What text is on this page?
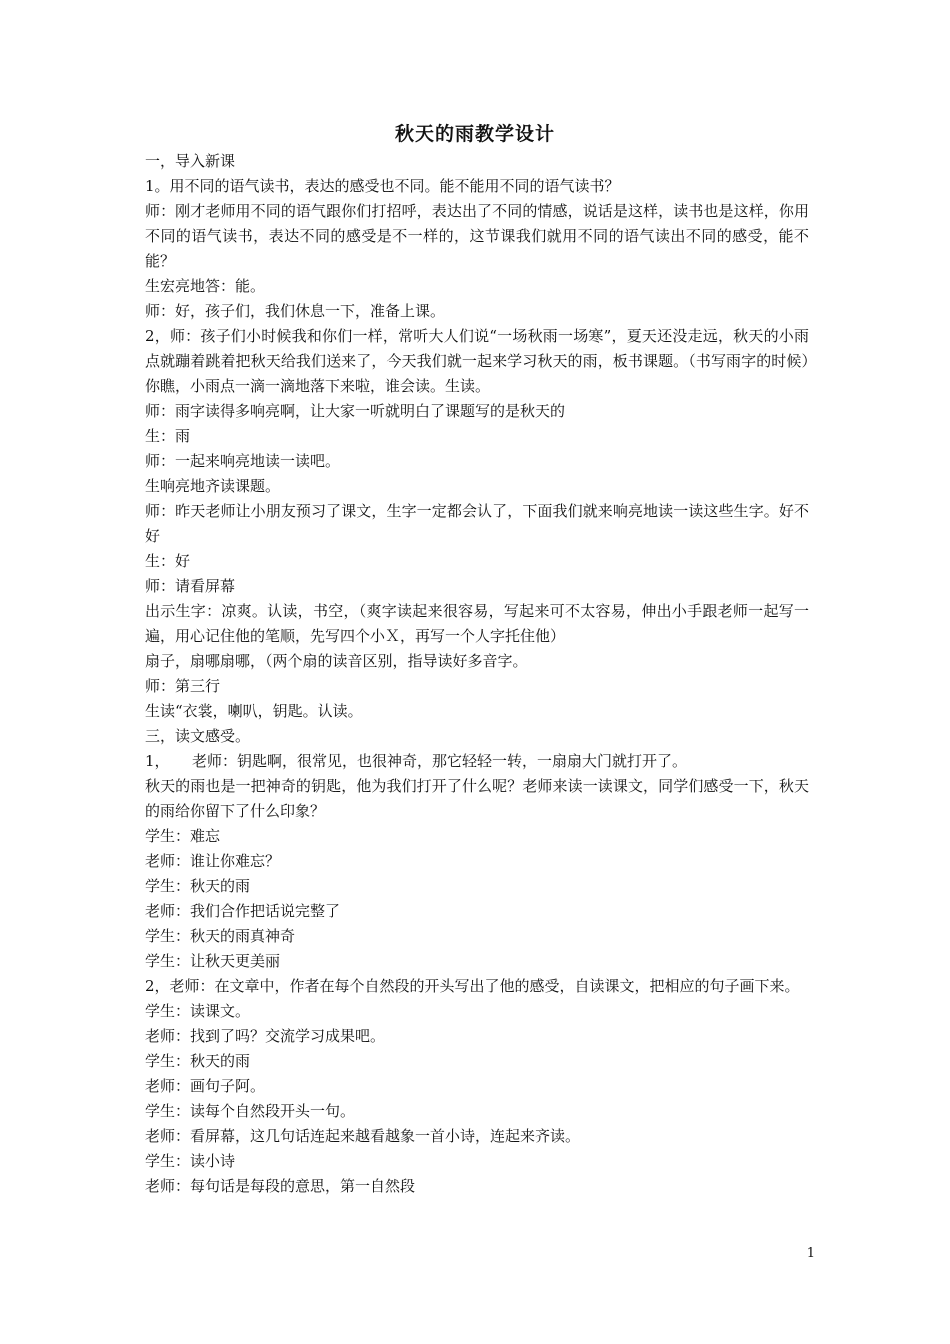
秋天的雨教学设计

一，导入新课

1。用不同的语气读书，表达的感受也不同。能不能用不同的语气读书？

师：刚才老师用不同的语气跟你们打招呼，表达出了不同的情感，说话是这样，读书也是这样，你用不同的语气读书，表达不同的感受是不一样的，这节课我们就用不同的语气读出不同的感受，能不能？

生宏亮地答：能。

师：好，孩子们，我们休息一下，准备上课。

2，师：孩子们小时候我和你们一样，常听大人们说“一场秋雨一场寒”，夏天还没走远，秋天的小雨点就蹦着跳着把秋天给我们送来了，今天我们就一起来学习秋天的雨，板书课题。（书写雨字的时候）你瞧，小雨点一滴一滴地落下来啦，谁会读。生读。

师：雨字读得多响亮啊，让大家一听就明白了课题写的是秋天的

生：雨

师：一起来响亮地读一读吧。

生响亮地齐读课题。

师：昨天老师让小朋友预习了课文，生字一定都会认了，下面我们就来响亮地读一读这些生字。好不好

生：好

师：请看屏幕

出示生字：凉爽。认读，书空，（爽字读起来很容易，写起来可不太容易，伸出小手跟老师一起写一遍，用心记住他的笔顺，先写四个小Ｘ，再写一个人字托住他）

扇子，扇哪扇哪，（两个扇的读音区别，指导读好多音字。

师：第三行

生读“衣裳，喇叭，钥匙。认读。

三，读文感受。

1，　　老师：钥匙啊，很常见，也很神奇，那它轻轻一转，一扇扇大门就打开了。

秋天的雨也是一把神奇的钥匙，他为我们打开了什么呢？老师来读一读课文，同学们感受一下，秋天的雨给你留下了什么印象？

学生：难忘

老师：谁让你难忘？

学生：秋天的雨

老师：我们合作把话说完整了

学生：秋天的雨真神奇

学生：让秋天更美丽

2，老师：在文章中，作者在每个自然段的开头写出了他的感受，自读课文，把相应的句子画下来。

学生：读课文。

老师：找到了吗？交流学习成果吧。

学生：秋天的雨

老师：画句子阿。

学生：读每个自然段开头一句。

老师：看屏幕，这几句话连起来越看越象一首小诗，连起来齐读。

学生：读小诗

老师：每句话是每段的意思，第一自然段

1
